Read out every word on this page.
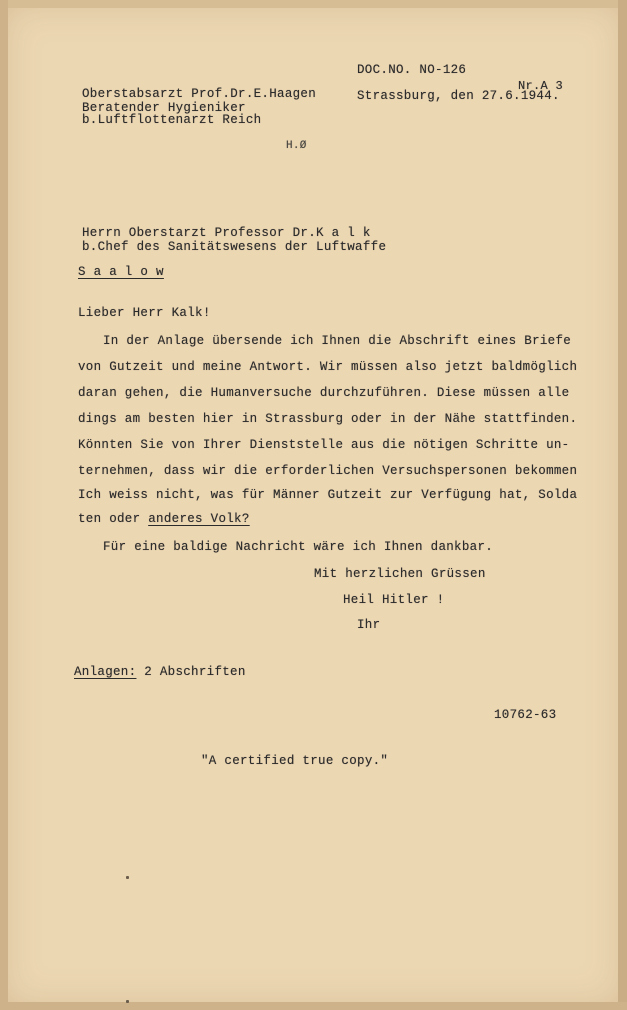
DOC.NO. NO-126
Nr.A 3
Oberstabsarzt Prof.Dr.E.Haagen	Strassburg, den 27.6.1944.
Beratender Hygieniker
b.Luftflottenarzt Reich
H.Ø
Herrn Oberstarzt Professor Dr.K a l k
b.Chef des Sanitätswesens der Luftwaffe
S a a l o w
Lieber Herr Kalk!
In der Anlage übersende ich Ihnen die Abschrift eines Briefe
von Gutzeit und meine Antwort. Wir müssen also jetzt baldmöglich
daran gehen, die Humanversuche durchzuführen. Diese müssen alle
dings am besten hier in Strassburg oder in der Nähe stattfinden.
Könnten Sie von Ihrer Dienststelle aus die nötigen Schritte un-
ternehmen, dass wir die erforderlichen Versuchspersonen bekommen
Ich weiss nicht, was für Männer Gutzeit zur Verfügung hat, Solda
ten oder anderes Volk?
Für eine baldige Nachricht wäre ich Ihnen dankbar.
Mit herzlichen Grüssen
Heil Hitler !
Ihr
Anlagen: 2 Abschriften
10762-63
"A certified true copy."
